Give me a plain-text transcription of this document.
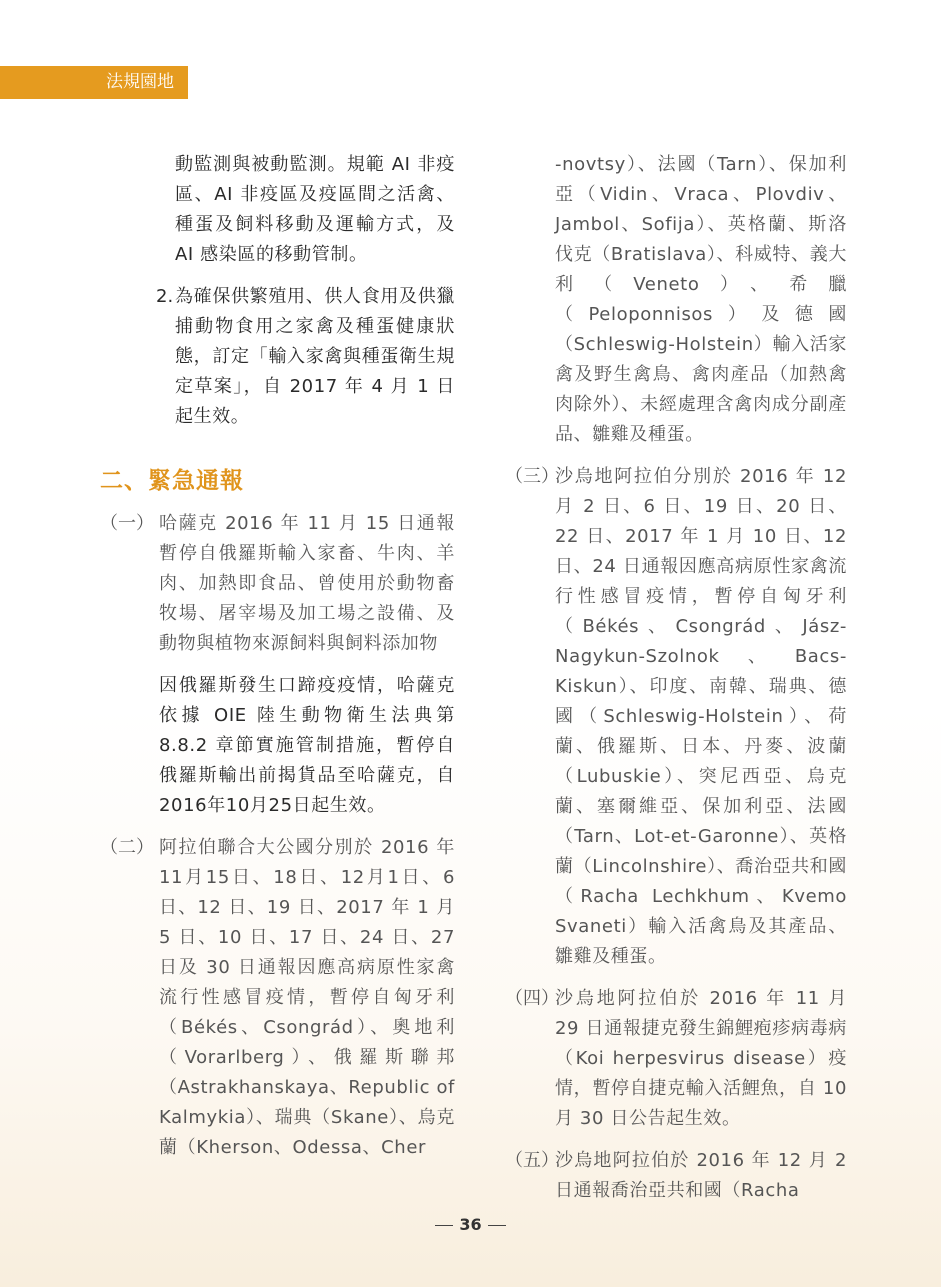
法規園地

動監測與被動監測。規範 AI 非疫區、AI 非疫區及疫區間之活禽、種蛋及飼料移動及運輸方式，及 AI 感染區的移動管制。

2. 為確保供繁殖用、供人食用及供獵捕動物食用之家禽及種蛋健康狀態，訂定「輸入家禽與種蛋衛生規定草案」，自 2017 年 4 月 1 日起生效。

二、緊急通報
（一） 哈薩克 2016 年 11 月 15 日通報暫停自俄羅斯輸入家畜、牛肉、羊肉、加熱即食品、曾使用於動物畜牧場、屠宰場及加工場之設備、及動物與植物來源飼料與飼料添加物

因俄羅斯發生口蹄疫疫情，哈薩克依據 OIE 陸生動物衛生法典第 8.8.2 章節實施管制措施，暫停自俄羅斯輸出前揭貨品至哈薩克，自2016年10月25日起生效。

（二） 阿拉伯聯合大公國分別於 2016 年11月15日、18日、12月1日、6 日、12 日、19 日、2017 年 1 月 5 日、10 日、17 日、24 日、27 日及 30 日通報因應高病原性家禽流行性感冒疫情，暫停自匈牙利（Békés、Csongrád）、奧地利（Vorarlberg）、俄羅斯聯邦（Astrakhanskaya、Republic of Kalmykia）、瑞典（Skane）、烏克蘭（Kherson、Odessa、Cher

-novtsy）、法國（Tarn）、保加利亞（Vidin、Vraca、Plovdiv、Jambol、Sofija）、英格蘭、斯洛伐克（Bratislava）、科威特、義大利（Veneto）、希臘（Peloponnisos）及德國（Schleswig-Holstein）輸入活家禽及野生禽鳥、禽肉產品（加熱禽肉除外）、未經處理含禽肉成分副產品、雛雞及種蛋。

（三）

沙烏地阿拉伯分別於 2016 年 12 月 2 日、6 日、19 日、20 日、22 日、2017 年 1 月 10 日、12 日、24 日通報因應高病原性家禽流行性感冒疫情，暫停自匈牙利（Békés、Csongrád、Jász-Nagykun-Szolnok、Bacs-Kiskun）、印度、南韓、瑞典、德國（Schleswig-Holstein）、荷蘭、俄羅斯、日本、丹麥、波蘭（Lubuskie）、突尼西亞、烏克蘭、塞爾維亞、保加利亞、法國（Tarn、Lot-et-Garonne）、英格蘭（Lincolnshire）、喬治亞共和國（Racha Lechkhum、Kvemo Svaneti）輸入活禽鳥及其產品、雛雞及種蛋。

（四）

沙烏地阿拉伯於 2016 年 11 月 29 日通報捷克發生錦鯉疱疹病毒病（Koi herpesvirus disease）疫情，暫停自捷克輸入活鯉魚，自 10 月 30 日公告起生效。

（五）

沙烏地阿拉伯於 2016 年 12 月 2 日通報喬治亞共和國（Racha

36
